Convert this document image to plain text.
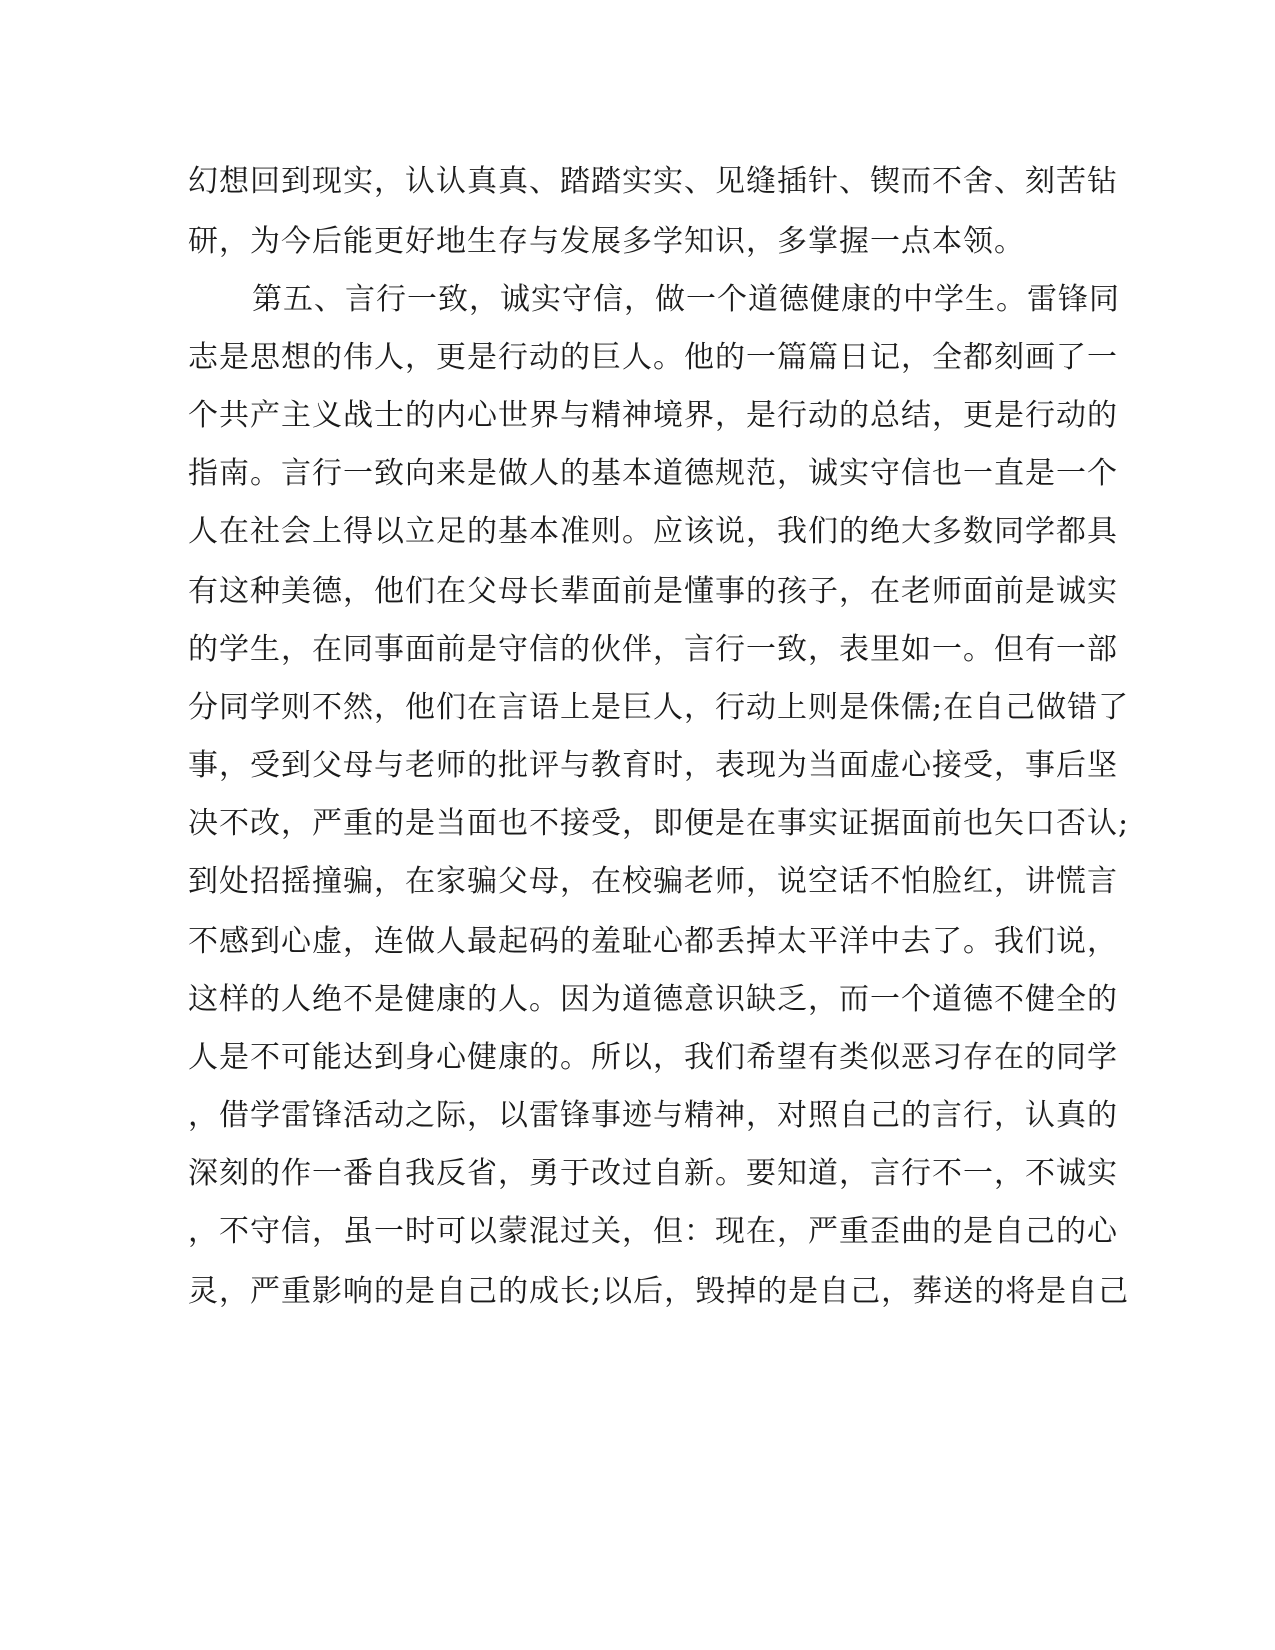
幻想回到现实，认认真真、踏踏实实、见缝插针、锲而不舍、刻苦钻
研，为今后能更好地生存与发展多学知识，多掌握一点本领。
第五、言行一致，诚实守信，做一个道德健康的中学生。雷锋同
志是思想的伟人，更是行动的巨人。他的一篇篇日记，全都刻画了一
个共产主义战士的内心世界与精神境界，是行动的总结，更是行动的
指南。言行一致向来是做人的基本道德规范，诚实守信也一直是一个
人在社会上得以立足的基本准则。应该说，我们的绝大多数同学都具
有这种美德，他们在父母长辈面前是懂事的孩子，在老师面前是诚实
的学生，在同事面前是守信的伙伴，言行一致，表里如一。但有一部
分同学则不然，他们在言语上是巨人，行动上则是侏儒;在自己做错了
事，受到父母与老师的批评与教育时，表现为当面虚心接受，事后坚
决不改，严重的是当面也不接受，即便是在事实证据面前也矢口否认;
到处招摇撞骗，在家骗父母，在校骗老师，说空话不怕脸红，讲慌言
不感到心虚，连做人最起码的羞耻心都丢掉太平洋中去了。我们说，
这样的人绝不是健康的人。因为道德意识缺乏，而一个道德不健全的
人是不可能达到身心健康的。所以，我们希望有类似恶习存在的同学
，借学雷锋活动之际，以雷锋事迹与精神，对照自己的言行，认真的
深刻的作一番自我反省，勇于改过自新。要知道，言行不一，不诚实
，不守信，虽一时可以蒙混过关，但：现在，严重歪曲的是自己的心
灵，严重影响的是自己的成长;以后，毁掉的是自己，葬送的将是自己
